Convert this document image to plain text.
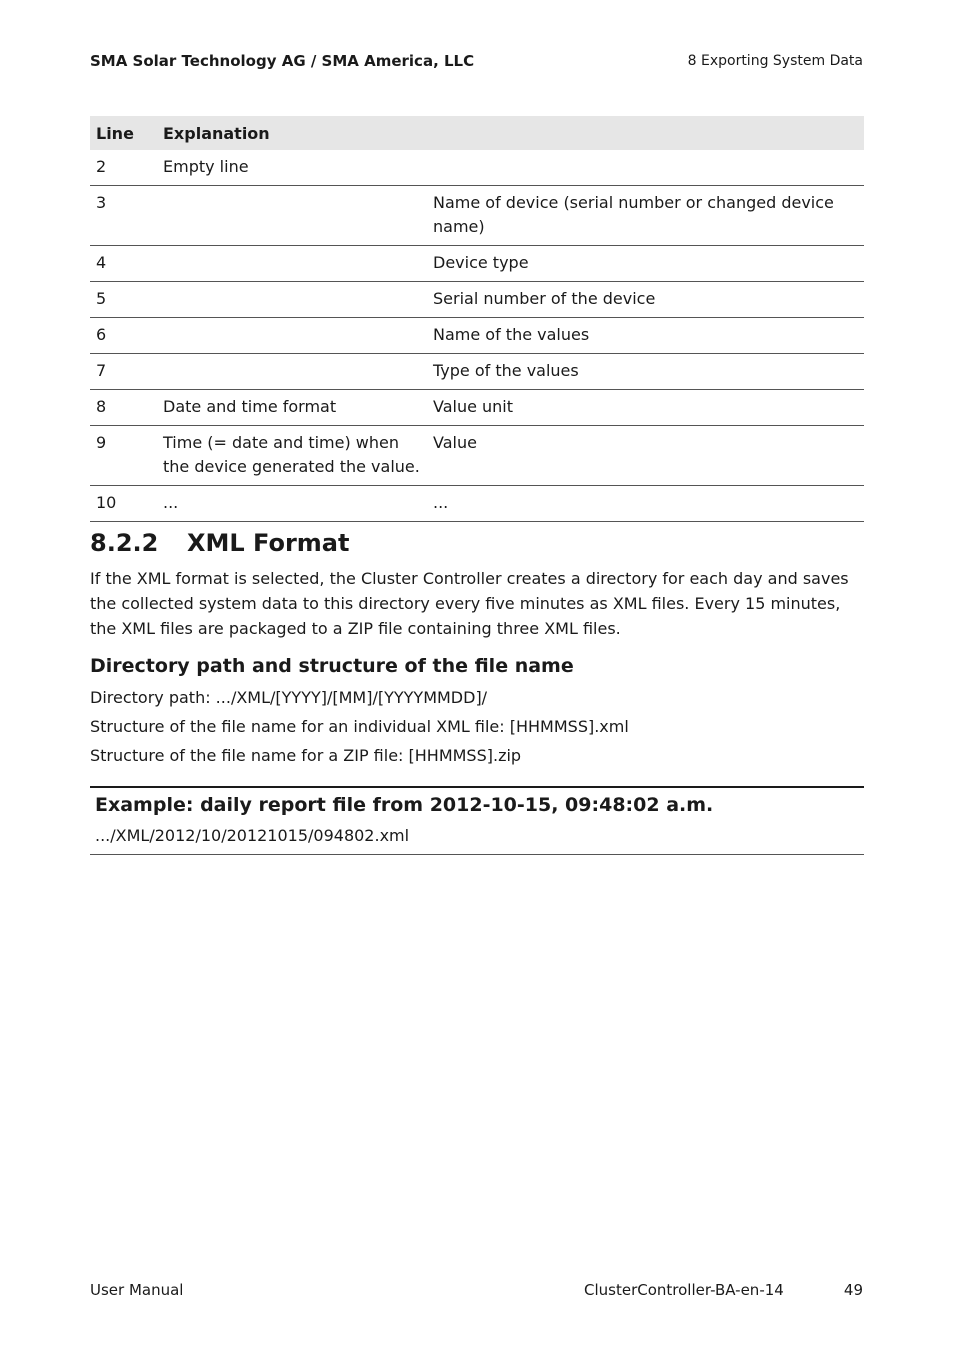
SMA Solar Technology AG / SMA America, LLC	8 Exporting System Data
Line	Explanation	
2	Empty line	
3		Name of device (serial number or changed device name)
4		Device type
5		Serial number of the device
6		Name of the values
7		Type of the values
8	Date and time format	Value unit
9	Time (= date and time) when the device generated the value.	Value
10	...	...
8.2.2 XML Format

If the XML format is selected, the Cluster Controller creates a directory for each day and saves the collected system data to this directory every five minutes as XML files. Every 15 minutes, the XML files are packaged to a ZIP file containing three XML files.

Directory path and structure of the file name

Directory path: .../XML/[YYYY]/[MM]/[YYYYMMDD]/

Structure of the file name for an individual XML file: [HHMMSS].xml

Structure of the file name for a ZIP file: [HHMMSS].zip

Example: daily report file from 2012-10-15, 09:48:02 a.m.
.../XML/2012/10/20121015/094802.xml
User Manual	ClusterController-BA-en-14	49
